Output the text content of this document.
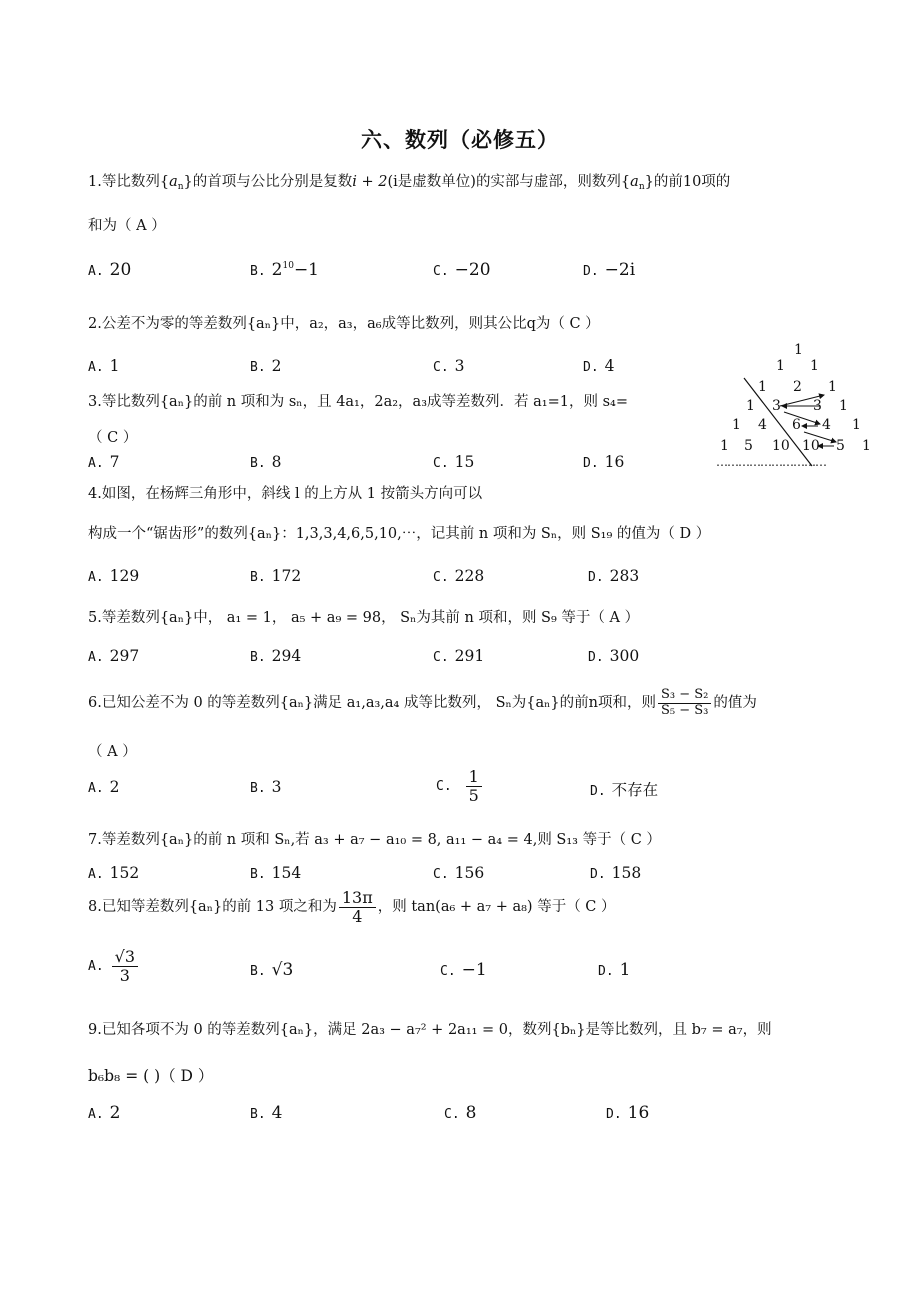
六、数列（必修五）
1.等比数列$\{a_n\}$的首项与公比分别是复数i + 2(i是虚数单位)的实部与虚部，则数列$\{a_n\}$的前10项的
和为（ A ）
A. 20	B. $2^{10}-1$	C. −20	D. −2i
2.公差不为零的等差数列{aₙ}中，a₂，a₃，a₆成等比数列，则其公比q为（ C ）
A. 1	B. 2	C. 3	D. 4
3.等比数列{aₙ}的前 n 项和为 sₙ，且 4a₁，2a₂，a₃成等差数列．若 a₁=1，则 s₄=
（ C ）
A. 7	B. 8	C. 15	D. 16
1
1 1
1 2 1
1 3 3 1
1 4 6 4 1
1 5 10 10 5 1
…………………………
4.如图，在杨辉三角形中，斜线 l 的上方从 1 按箭头方向可以
构成一个“锯齿形”的数列{aₙ}：1,3,3,4,6,5,10,⋯，记其前 n 项和为 Sₙ，则 S₁₉ 的值为（ D ）
A. 129	B. 172	C. 228	D. 283
5.等差数列{aₙ}中， a₁ = 1， a₅ + a₉ = 98， Sₙ为其前 n 项和，则 S₉ 等于（ A ）
A. 297	B. 294	C. 291	D. 300
6.已知公差不为 0 的等差数列{aₙ}满足 a₁,a₃,a₄ 成等比数列， Sₙ为{aₙ}的前n项和，则 $\frac{\text{S₃ − S₂}}{\text{S₅ − S₃}}$ 的值为
（ A ）
A. 2	B. 3	C. $\frac{1}{5}$	D. 不存在
7.等差数列{aₙ}的前 n 项和 Sₙ,若 a₃ + a₇ − a₁₀ = 8, a₁₁ − a₄ = 4,则 S₁₃ 等于（ C ）
A. 152	B. 154	C. 156	D. 158
8.已知等差数列{aₙ}的前 13 项之和为 $\frac{13\pi}{4}$ ，则 tan(a₆ + a₇ + a₈) 等于（ C ）
A. $\frac{√3}{3}$	B. √3	C. −1	D. 1
9.已知各项不为 0 的等差数列{aₙ}，满足 2a₃ − a₇² + 2a₁₁ = 0，数列{bₙ}是等比数列，且 b₇ = a₇，则
b₆b₈ = ( )（ D ）
A. 2	B. 4	C. 8	D. 16
